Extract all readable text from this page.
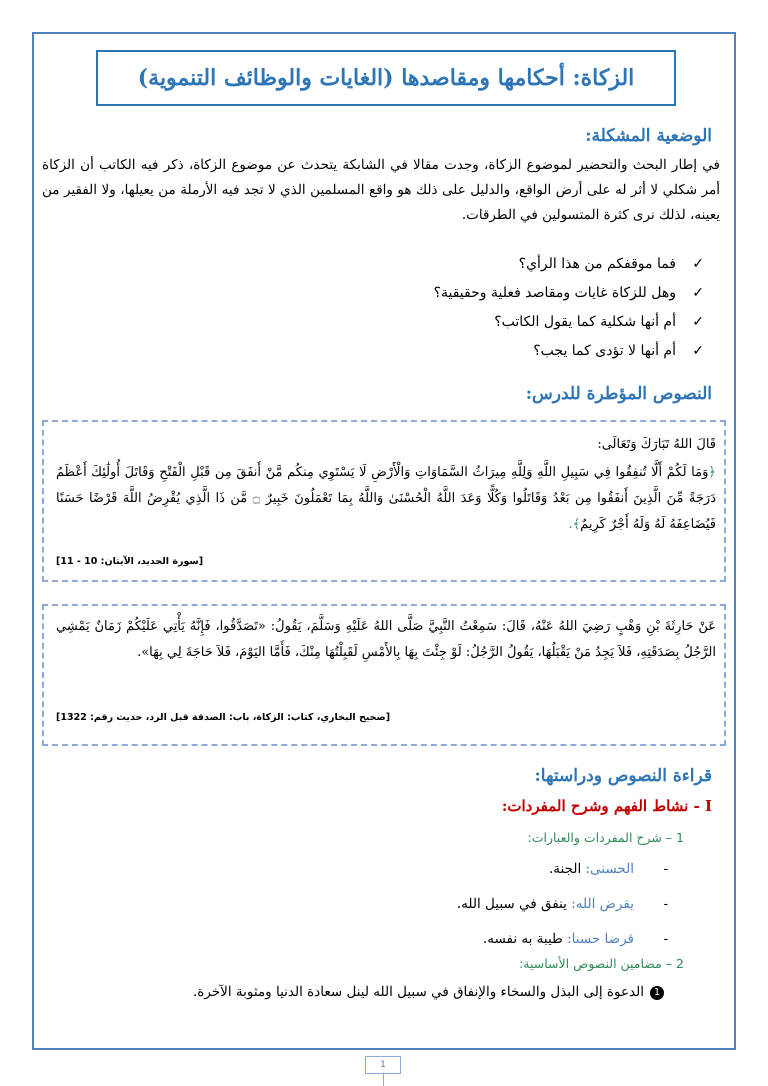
الزكاة: أحكامها ومقاصدها (الغايات والوظائف التنموية)
الوضعية المشكلة:
في إطار البحث والتحضير لموضوع الزكاة، وجدت مقالا في الشابكة يتحدث عن موضوع الزكاة، ذكر فيه الكاتب أن الزكاة أمر شكلي لا أثر له على أرض الواقع، والدليل على ذلك هو واقع المسلمين الذي لا تجد فيه الأرملة من يعيلها، ولا الفقير من يعينه، لذلك نرى كثرة المتسولين في الطرقات.
✓فما موقفكم من هذا الرأي؟
✓وهل للزكاة غايات ومقاصد فعلية وحقيقية؟
✓أم أنها شكلية كما يقول الكاتب؟
✓أم أنها لا تؤدى كما يجب؟
النصوص المؤطرة للدرس:
قَالَ اللهُ تَبَارَكَ وَتَعَالَى:
﴿وَمَا لَكُمْ أَلَّا تُنفِقُوا فِي سَبِيلِ اللَّهِ وَلِلَّهِ مِيرَاثُ السَّمَاوَاتِ وَالْأَرْضِ لَا يَسْتَوِي مِنكُم مَّنْ أَنفَقَ مِن قَبْلِ الْفَتْحِ وَقَاتَلَ أُولَٰئِكَ أَعْظَمُ دَرَجَةً مِّنَ الَّذِينَ أَنفَقُوا مِن بَعْدُ وَقَاتَلُوا وَكُلًّا وَعَدَ اللَّهُ الْحُسْنَىٰ وَاللَّهُ بِمَا تَعْمَلُونَ خَبِيرٌ ۝ مَّن ذَا الَّذِي يُقْرِضُ اللَّهَ قَرْضًا حَسَنًا فَيُضَاعِفَهُ لَهُ وَلَهُ أَجْرٌ كَرِيمٌ﴾.
[سورة الحديد، الآيتان: 10 - 11]
عَنْ حَارِثَةَ بْنِ وَهْبٍ رَضِيَ اللهُ عَنْهُ، قَالَ: سَمِعْتُ النَّبِيَّ صَلَّى اللهُ عَلَيْهِ وَسَلَّمَ، يَقُولُ: «تَصَدَّقُوا، فَإِنَّهُ يَأْتِي عَلَيْكُمْ زَمَانٌ يَمْشِي الرَّجُلُ بِصَدَقَتِهِ، فَلاَ يَجِدُ مَنْ يَقْبَلُهَا، يَقُولُ الرَّجُلُ: لَوْ جِئْتَ بِهَا بِالأَمْسِ لَقَبِلْتُهَا مِنْكَ، فَأَمَّا اليَوْمَ، فَلاَ حَاجَةَ لِي بِهَا».
[صحيح البخاري، كتاب: الزكاة، باب: الصدقة قبل الرد، حديث رقم: 1322]
قراءة النصوص ودراستها:
I - نشاط الفهم وشرح المفردات:
1 – شرح المفردات والعبارات:
-الحسنى: الجنة.
-يقرض الله: ينفق في سبيل الله.
-قرضا حسنا: طيبة به نفسه.
2 – مضامين النصوص الأساسية:
1الدعوة إلى البذل والسخاء والإنفاق في سبيل الله لينل سعادة الدنيا ومثوبة الآخرة.
1
